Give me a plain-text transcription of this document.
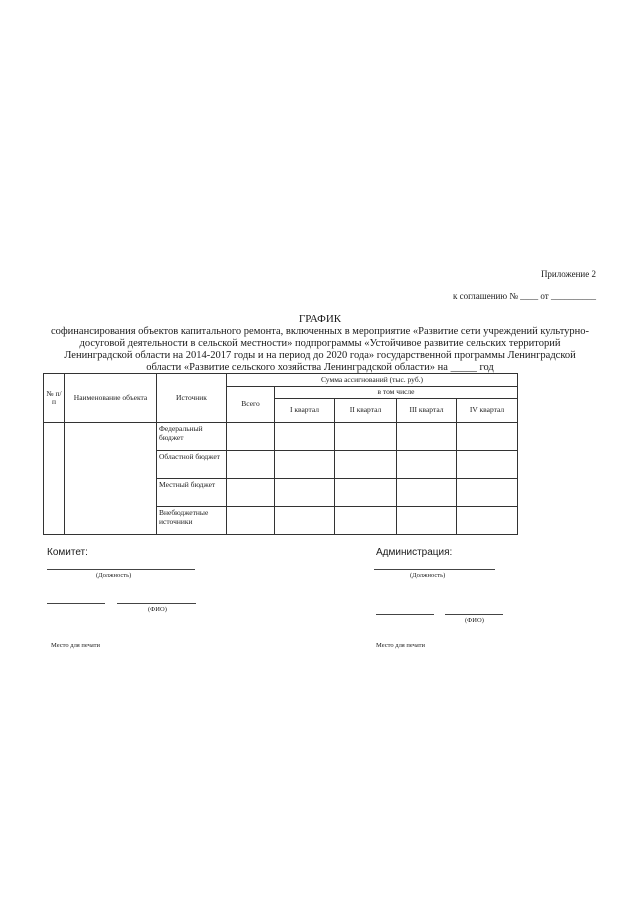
Приложение 2
к соглашению № ____ от __________
ГРАФИК
софинансирования объектов капитального ремонта, включенных в мероприятие «Развитие сети учреждений культурно-
досуговой деятельности в сельской местности» подпрограммы «Устойчивое развитие сельских территорий
Ленинградской области на 2014-2017 годы и на период до 2020 года» государственной программы Ленинградской
области «Развитие сельского хозяйства Ленинградской области» на _____ год
№ п/п	Наименование объекта	Источник	Сумма ассигнований (тыс. руб.)				
			Всего	в том числе			
				I квартал	II квартал	III квартал	IV квартал
		Федеральный бюджет					
		Областной бюджет					
		Местный бюджет					
		Внебюджетные источники					
Комитет:
(Должность)
(ФИО)
Место для печати
Администрация:
(Должность)
(ФИО)
Место для печати
